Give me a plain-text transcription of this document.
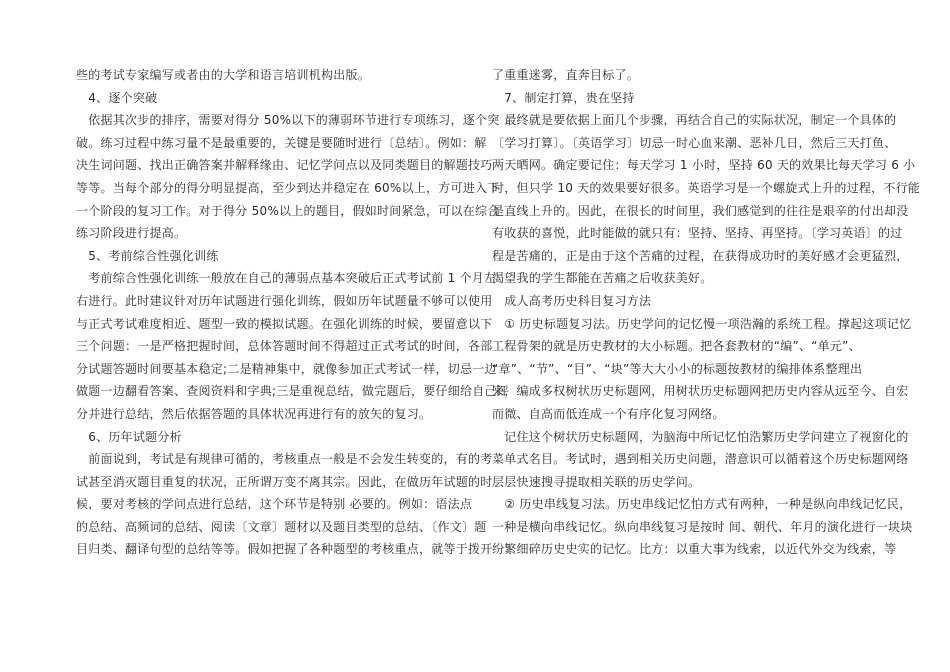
些的考试专家编写或者由的大学和语言培训机构出版。
　4、逐个突破
　依据其次步的排序，需要对得分 50%以下的薄弱环节进行专项练习，逐个突
破。练习过程中练习量不是最重要的，关键是要随时进行〔总结〕。例如：解
决生词问题、找出正确答案并解释缘由、记忆学问点以及同类题目的解题技巧
等等。当每个部分的得分明显提高，至少到达并稳定在 60%以上，方可进入下
一个阶段的复习工作。对于得分 50%以上的题目，假如时间紧急，可以在综合
练习阶段进行提高。
　5、考前综合性强化训练
　考前综合性强化训练一般放在自己的薄弱点基本突破后正式考试前 1 个月左
右进行。此时建议针对历年试题进行强化训练，假如历年试题量不够可以使用
与正式考试难度相近、题型一致的模拟试题。在强化训练的时候，要留意以下
三个问题：一是严格把握时间，总体答题时间不得超过正式考试的时间，各部
分试题答题时间要基本稳定;二是精神集中，就像参加正式考试一样，切忌一边
做题一边翻看答案、查阅资料和字典;三是重视总结，做完题后，要仔细给自己评
分并进行总结，然后依据答题的具体状况再进行有的放矢的复习。
　6、历年试题分析
　前面说到，考试是有规律可循的，考核重点一般是不会发生转变的，有的考
试甚至消灭题目重复的状况，正所谓万变不离其宗。因此，在做历年试题的时
候，要对考核的学问点进行总结，这个环节是特别 必要的。例如：语法点
的总结、高频词的总结、阅读〔文章〕题材以及题目类型的总结、〔作文〕题
目归类、翻译句型的总结等等。假如把握了各种题型的考核重点，就等于拨开
了重重迷雾，直奔目标了。
　7、制定打算，贵在坚持
　最终就是要依据上面几个步骤，再结合自己的实际状况，制定一个具体的
〔学习打算〕。〔英语学习〕切忌一时心血来潮、恶补几日，然后三天打鱼、
两天晒网。确定要记住：每天学习 1 小时，坚持 60 天的效果比每天学习 6 小
时，但只学 10 天的效果要好很多。英语学习是一个螺旋式上升的过程，不行能
是直线上升的。因此，在很长的时间里，我们感觉到的往往是艰辛的付出却没
有收获的喜悦，此时能做的就只有：坚持、坚持、再坚持。〔学习英语〕的过
程是苦痛的，正是由于这个苦痛的过程，在获得成功时的美好感才会更猛烈，
渴望我的学生都能在苦痛之后收获美好。
　成人高考历史科目复习方法
　① 历史标题复习法。历史学问的记忆慢一项浩瀚的系统工程。撑起这项记忆
工程骨架的就是历史教材的大小标题。把各套教材的“编”、“单元”、
“章”、“节”、“目”、“块”等大大小小的标题按教材的编排体系整理出
来，编成多权树状历史标题网，用树状历史标题网把历史内容从远至今、自宏
而微、自高而低连成一个有序化复习网络。
　记住这个树状历史标题网，为脑海中所记忆怕浩繁历史学问建立了视窗化的
菜单式名目。考试时，遇到相关历史问题，潜意识可以循着这个历史标题网络
层层快速搜寻提取相关联的历史学问。
　② 历史串线复习法。历史串线记忆怕方式有两种，一种是纵向串线记忆民，
一种是横向串线记忆。纵向串线复习是按时 间、朝代、年月的演化进行一块块
纷繁细碎历史史实的记忆。比方：以重大事为线索，以近代外交为线索，等
